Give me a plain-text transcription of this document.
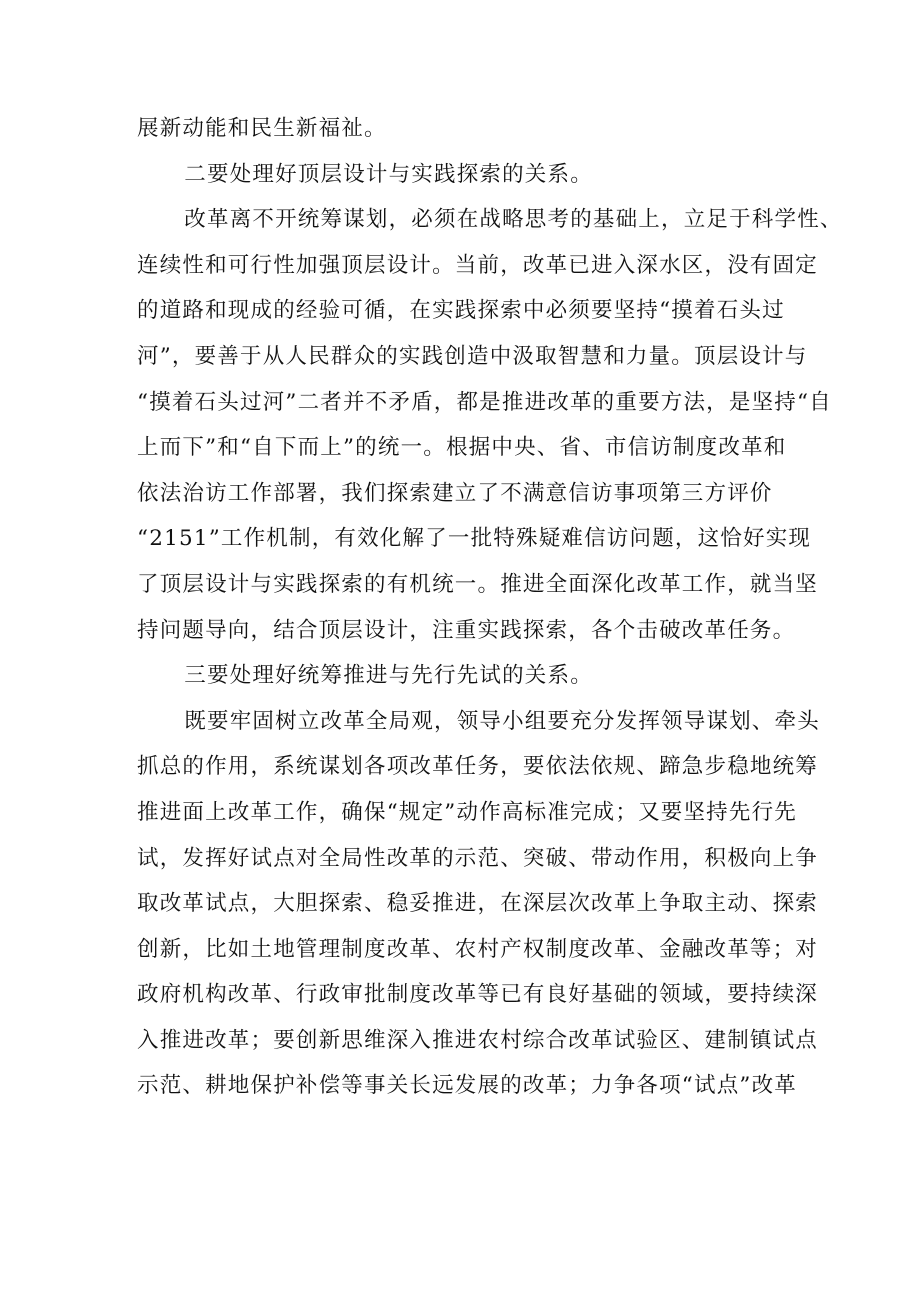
展新动能和民生新福祉。

二要处理好顶层设计与实践探索的关系。

改革离不开统筹谋划，必须在战略思考的基础上，立足于科学性、
连续性和可行性加强顶层设计。当前，改革已进入深水区，没有固定
的道路和现成的经验可循，在实践探索中必须要坚持“摸着石头过
河”，要善于从人民群众的实践创造中汲取智慧和力量。顶层设计与
“摸着石头过河”二者并不矛盾，都是推进改革的重要方法，是坚持“自
上而下”和“自下而上”的统一。根据中央、省、市信访制度改革和
依法治访工作部署，我们探索建立了不满意信访事项第三方评价
“2151”工作机制，有效化解了一批特殊疑难信访问题，这恰好实现
了顶层设计与实践探索的有机统一。推进全面深化改革工作，就当坚
持问题导向，结合顶层设计，注重实践探索，各个击破改革任务。

三要处理好统筹推进与先行先试的关系。

既要牢固树立改革全局观，领导小组要充分发挥领导谋划、牵头
抓总的作用，系统谋划各项改革任务，要依法依规、蹄急步稳地统筹
推进面上改革工作，确保“规定”动作高标准完成；又要坚持先行先
试，发挥好试点对全局性改革的示范、突破、带动作用，积极向上争
取改革试点，大胆探索、稳妥推进，在深层次改革上争取主动、探索
创新，比如土地管理制度改革、农村产权制度改革、金融改革等；对
政府机构改革、行政审批制度改革等已有良好基础的领域，要持续深
入推进改革；要创新思维深入推进农村综合改革试验区、建制镇试点
示范、耕地保护补偿等事关长远发展的改革；力争各项“试点”改革
